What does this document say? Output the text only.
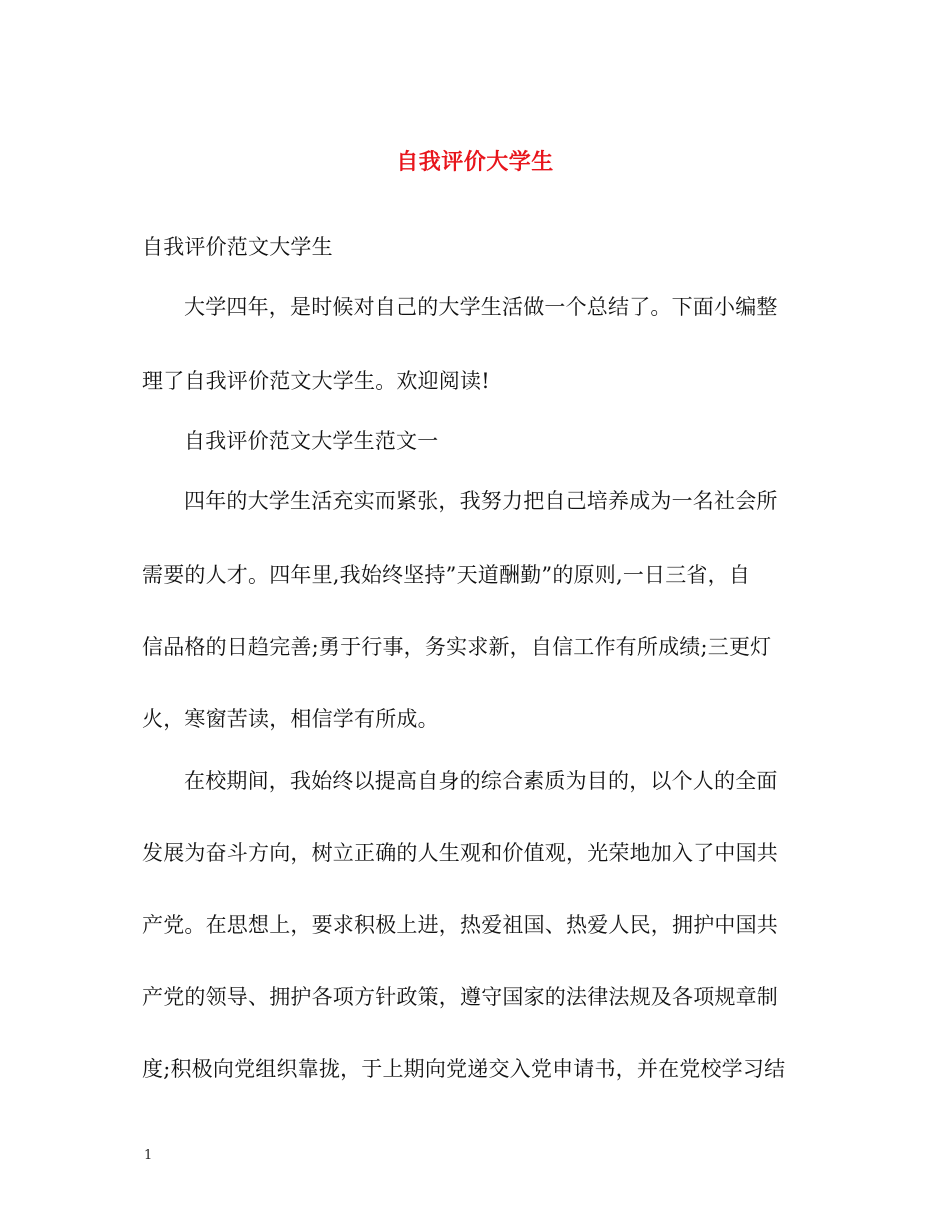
自我评价大学生
自我评价范文大学生
大学四年，是时候对自己的大学生活做一个总结了。下面小编整
理了自我评价范文大学生。欢迎阅读!
自我评价范文大学生范文一
四年的大学生活充实而紧张，我努力把自己培养成为一名社会所
需要的人才。四年里,我始终坚持”天道酬勤”的原则,一日三省，自
信品格的日趋完善;勇于行事，务实求新，自信工作有所成绩;三更灯
火，寒窗苦读，相信学有所成。
在校期间，我始终以提高自身的综合素质为目的，以个人的全面
发展为奋斗方向，树立正确的人生观和价值观，光荣地加入了中国共
产党。在思想上，要求积极上进，热爱祖国、热爱人民，拥护中国共
产党的领导、拥护各项方针政策，遵守国家的法律法规及各项规章制
度;积极向党组织靠拢，于上期向党递交入党申请书，并在党校学习结
1
